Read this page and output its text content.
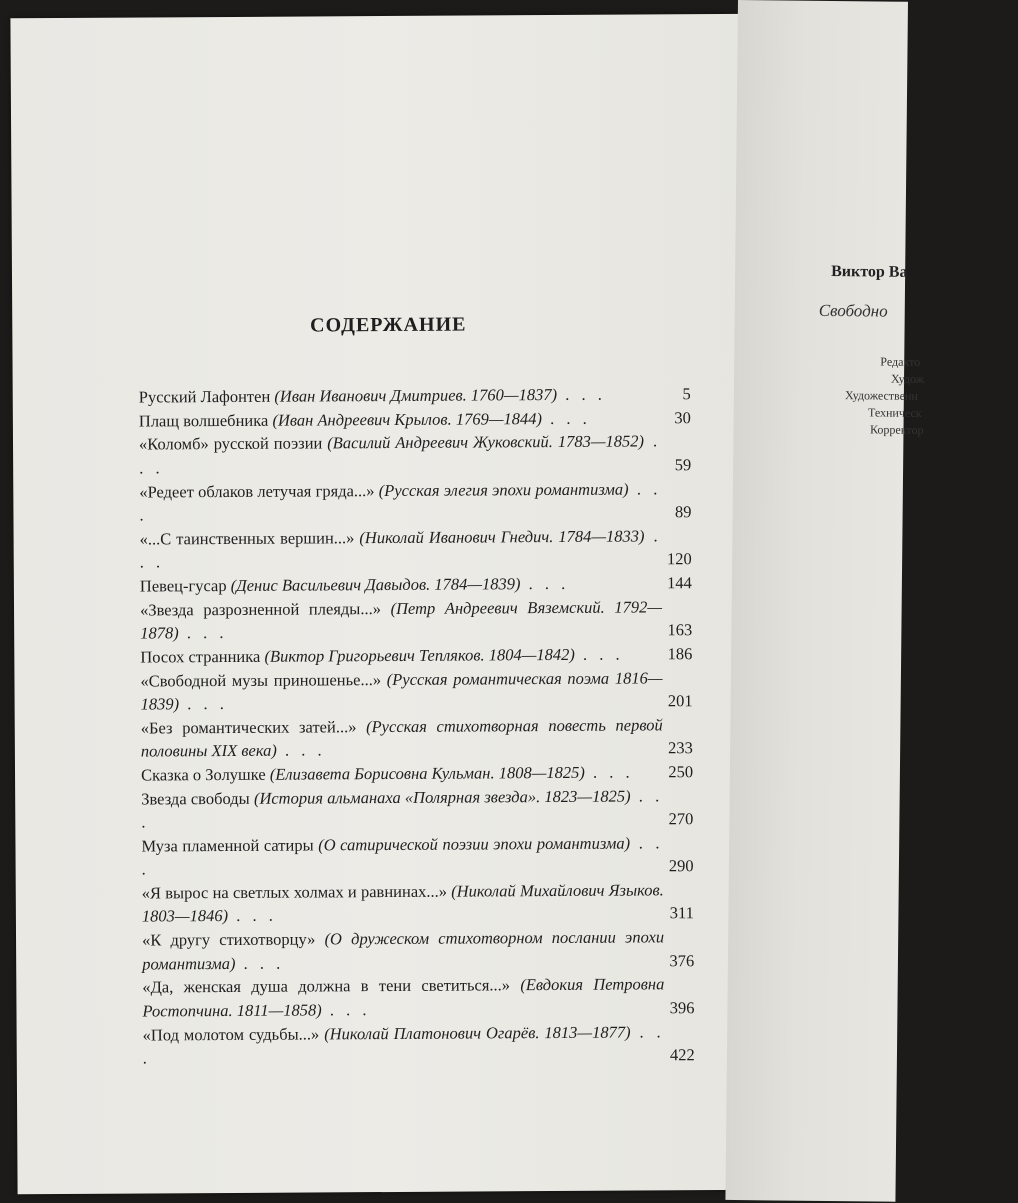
СОДЕРЖАНИЕ
Русский Лафонтен (Иван Иванович Дмитриев. 1760—1837) . . .	5
Плащ волшебника (Иван Андреевич Крылов. 1769—1844) . . .	30
«Коломб» русской поэзии (Василий Андреевич Жуковский. 1783—1852) . . .	59
«Редеет облаков летучая гряда...» (Русская элегия эпохи романтизма) . . .	89
«...С таинственных вершин...» (Николай Иванович Гнедич. 1784—1833) . . .	120
Певец-гусар (Денис Васильевич Давыдов. 1784—1839) . . .	144
«Звезда разрозненной плеяды...» (Петр Андреевич Вяземский. 1792—1878) . . .	163
Посох странника (Виктор Григорьевич Тепляков. 1804—1842) . . .	186
«Свободной музы приношенье...» (Русская романтическая поэма 1816—1839) . . .	201
«Без романтических затей...» (Русская стихотворная повесть первой половины XIX века) . . .	233
Сказка о Золушке (Елизавета Борисовна Кульман. 1808—1825) . . .	250
Звезда свободы (История альманаха «Полярная звезда». 1823—1825) . . .	270
Муза пламенной сатиры (О сатирической поэзии эпохи романтизма) . . .	290
«Я вырос на светлых холмах и равнинах...» (Николай Михайлович Языков. 1803—1846) . . .	311
«К другу стихотворцу» (О дружеском стихотворном послании эпохи романтизма) . . .	376
«Да, женская душа должна в тени светиться...» (Евдокия Петровна Ростопчина. 1811—1858) . . .	396
«Под молотом судьбы...» (Николай Платонович Огарёв. 1813—1877) . . .	422
Виктор Ва
Свободно
Редакто
Худож
Художественн
Техническ
Корректор
